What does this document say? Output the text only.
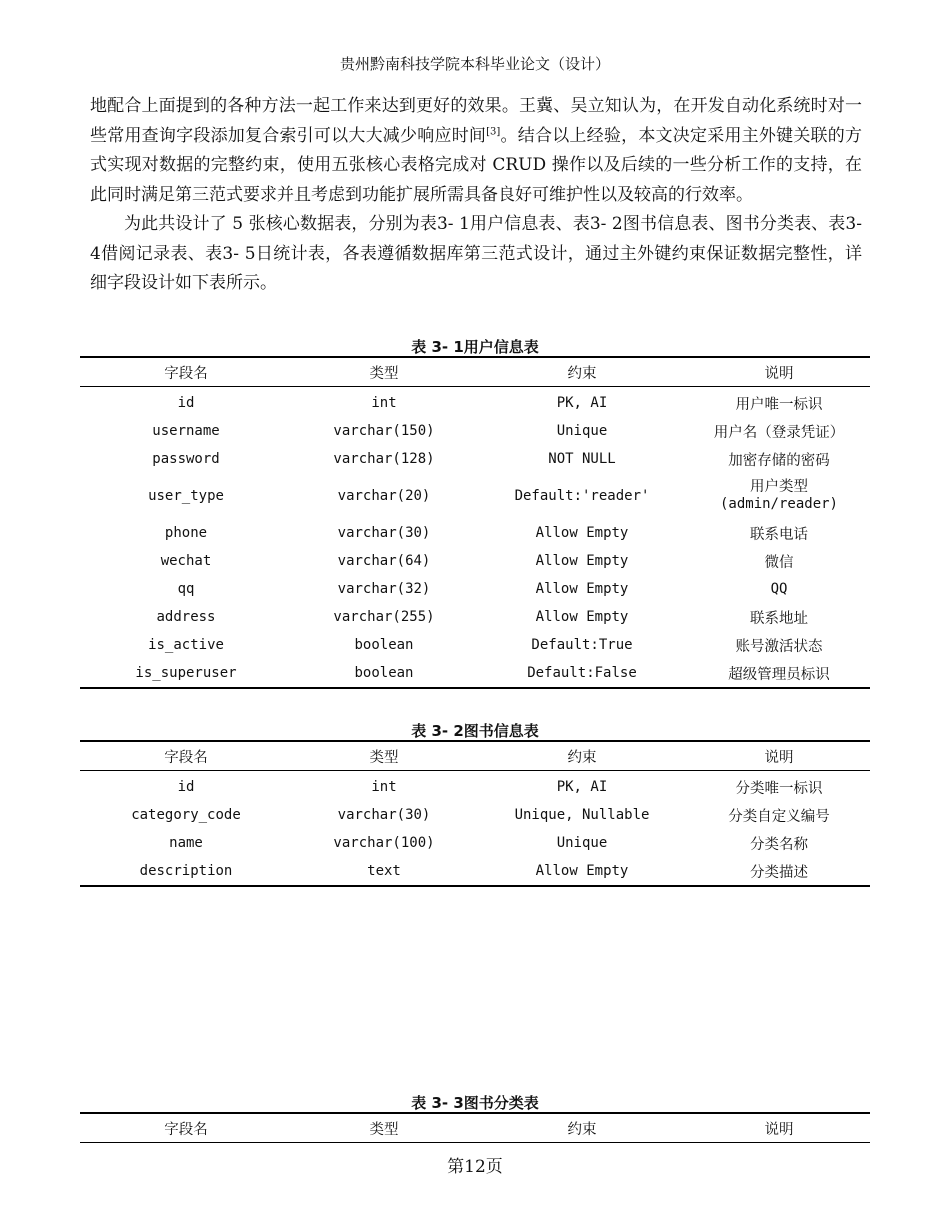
贵州黔南科技学院本科毕业论文（设计）

地配合上面提到的各种方法一起工作来达到更好的效果。王冀、吴立知认为，在开发自动化系统时对一些常用查询字段添加复合索引可以大大减少响应时间[3]。结合以上经验，本文决定采用主外键关联的方式实现对数据的完整约束，使用五张核心表格完成对 CRUD 操作以及后续的一些分析工作的支持，在此同时满足第三范式要求并且考虑到功能扩展所需具备良好可维护性以及较高的行效率。

为此共设计了 5 张核心数据表，分别为表3- 1用户信息表、表3- 2图书信息表、图书分类表、表3- 4借阅记录表、表3- 5日统计表，各表遵循数据库第三范式设计，通过主外键约束保证数据完整性，详细字段设计如下表所示。

表 3- 1用户信息表
字段名	类型	约束	说明
id	int	PK, AI	用户唯一标识
username	varchar(150)	Unique	用户名（登录凭证）
password	varchar(128)	NOT NULL	加密存储的密码
user_type	varchar(20)	Default:'reader'	用户类型
(admin/reader)
phone	varchar(30)	Allow Empty	联系电话
wechat	varchar(64)	Allow Empty	微信
qq	varchar(32)	Allow Empty	QQ
address	varchar(255)	Allow Empty	联系地址
is_active	boolean	Default:True	账号激活状态
is_superuser	boolean	Default:False	超级管理员标识
表 3- 2图书信息表
字段名	类型	约束	说明
id	int	PK, AI	分类唯一标识
category_code	varchar(30)	Unique, Nullable	分类自定义编号
name	varchar(100)	Unique	分类名称
description	text	Allow Empty	分类描述
表 3- 3图书分类表
字段名	类型	约束	说明
第12页
